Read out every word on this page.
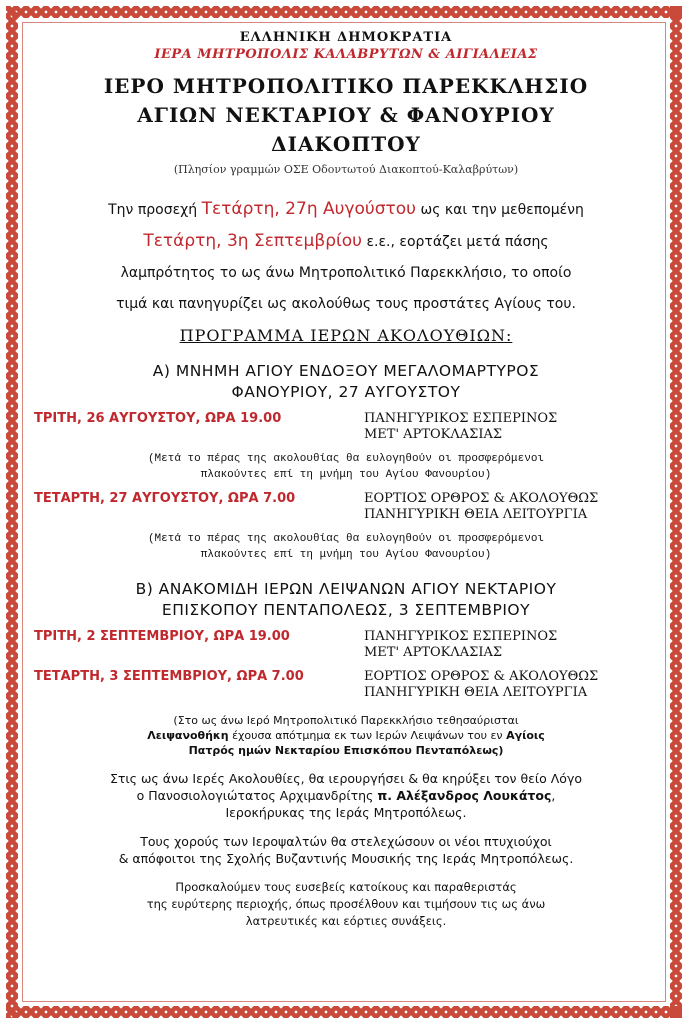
ΕΛΛΗΝΙΚΗ ΔΗΜΟΚΡΑΤΙΑ
ΙΕΡΑ ΜΗΤΡΟΠΟΛΙΣ ΚΑΛΑΒΡΥΤΩΝ & ΑΙΓΙΑΛΕΙΑΣ
ΙΕΡΟ ΜΗΤΡΟΠΟΛΙΤΙΚΟ ΠΑΡΕΚΚΛΗΣΙΟ
ΑΓΙΩΝ ΝΕΚΤΑΡΙΟΥ & ΦΑΝΟΥΡΙΟΥ
ΔΙΑΚΟΠΤΟΥ
(Πλησίον γραμμών ΟΣΕ Οδοντωτού Διακοπτού-Καλαβρύτων)
Την προσεχή Τετάρτη, 27η Αυγούστου ως και την μεθεπομένη
Τετάρτη, 3η Σεπτεμβρίου ε.ε., εορτάζει μετά πάσης
λαμπρότητος το ως άνω Μητροπολιτικό Παρεκκλήσιο, το οποίο
τιμά και πανηγυρίζει ως ακολούθως τους προστάτες Αγίους του.
ΠΡΟΓΡΑΜΜΑ ΙΕΡΩΝ ΑΚΟΛΟΥΘΙΩΝ:
Α) ΜΝΗΜΗ ΑΓΙΟΥ ΕΝΔΟΞΟΥ ΜΕΓΑΛΟΜΑΡΤΥΡΟΣ
ΦΑΝΟΥΡΙΟΥ, 27 ΑΥΓΟΥΣΤΟΥ
ΤΡΙΤΗ, 26 ΑΥΓΟΥΣΤΟΥ, ΩΡΑ 19.00	ΠΑΝΗΓΥΡΙΚΟΣ ΕΣΠΕΡΙΝΟΣ
ΜΕΤ' ΑΡΤΟΚΛΑΣΙΑΣ
(Μετά το πέρας της ακολουθίας θα ευλογηθούν οι προσφερόμενοι
πλακούντες επί τη μνήμη του Αγίου Φανουρίου)
ΤΕΤΑΡΤΗ, 27 ΑΥΓΟΥΣΤΟΥ, ΩΡΑ 7.00	ΕΟΡΤΙΟΣ ΟΡΘΡΟΣ & ΑΚΟΛΟΥΘΩΣ
ΠΑΝΗΓΥΡΙΚΗ ΘΕΙΑ ΛΕΙΤΟΥΡΓΙΑ
(Μετά το πέρας της ακολουθίας θα ευλογηθούν οι προσφερόμενοι
πλακούντες επί τη μνήμη του Αγίου Φανουρίου)
Β) ΑΝΑΚΟΜΙΔΗ ΙΕΡΩΝ ΛΕΙΨΑΝΩΝ ΑΓΙΟΥ ΝΕΚΤΑΡΙΟΥ
ΕΠΙΣΚΟΠΟΥ ΠΕΝΤΑΠΟΛΕΩΣ, 3 ΣΕΠΤΕΜΒΡΙΟΥ
ΤΡΙΤΗ, 2 ΣΕΠΤΕΜΒΡΙΟΥ, ΩΡΑ 19.00	ΠΑΝΗΓΥΡΙΚΟΣ ΕΣΠΕΡΙΝΟΣ
ΜΕΤ' ΑΡΤΟΚΛΑΣΙΑΣ
ΤΕΤΑΡΤΗ, 3 ΣΕΠΤΕΜΒΡΙΟΥ, ΩΡΑ 7.00	ΕΟΡΤΙΟΣ ΟΡΘΡΟΣ & ΑΚΟΛΟΥΘΩΣ
ΠΑΝΗΓΥΡΙΚΗ ΘΕΙΑ ΛΕΙΤΟΥΡΓΙΑ
(Στο ως άνω Ιερό Μητροπολιτικό Παρεκκλήσιο τεθησαύρισται
Λειψανοθήκη έχουσα απότμημα εκ των Ιερών Λειψάνων του εν Αγίοις
Πατρός ημών Νεκταρίου Επισκόπου Πενταπόλεως)
Στις ως άνω Ιερές Ακολουθίες, θα ιερουργήσει & θα κηρύξει τον θείο Λόγο
ο Πανοσιολογιώτατος Αρχιμανδρίτης π. Αλέξανδρος Λουκάτος,
Ιεροκήρυκας της Ιεράς Μητροπόλεως.
Τους χορούς των Ιεροψαλτών θα στελεχώσουν οι νέοι πτυχιούχοι
& απόφοιτοι της Σχολής Βυζαντινής Μουσικής της Ιεράς Μητροπόλεως.
Προσκαλούμεν τους ευσεβείς κατοίκους και παραθεριστάς
της ευρύτερης περιοχής, όπως προσέλθουν και τιμήσουν τις ως άνω
λατρευτικές και εόρτιες συνάξεις.
